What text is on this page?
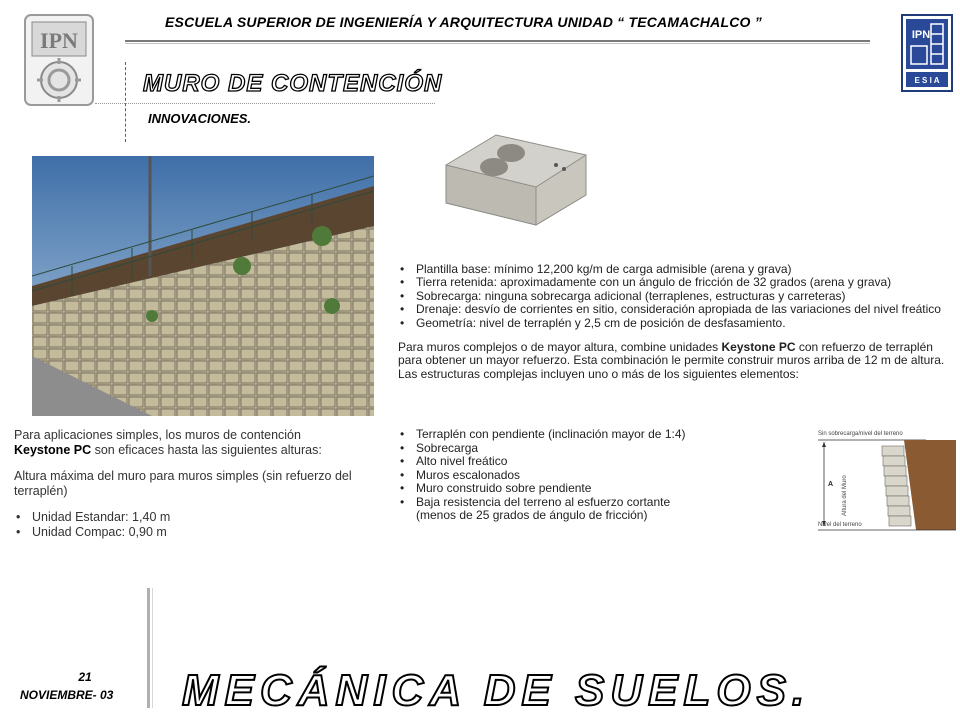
ESCUELA SUPERIOR DE INGENIERÍA Y ARQUITECTURA UNIDAD “ TECAMACHALCO ”
MURO DE CONTENCIÓN
INNOVACIONES.
IPN	IPN
E S I A
Para aplicaciones simples, los muros de contención
Keystone PC son eficaces hasta las siguientes alturas:
Altura máxima del muro para muros simples (sin refuerzo del terraplén)
• Unidad Estandar: 1,40 m
• Unidad Compac: 0,90 m
• Plantilla base: mínimo 12,200 kg/m de carga admisible (arena y grava)
• Tierra retenida: aproximadamente con un ángulo de fricción de 32 grados (arena y grava)
• Sobrecarga: ninguna sobrecarga adicional (terraplenes, estructuras y carreteras)
• Drenaje: desvío de corrientes en sitio, consideración apropiada de las variaciones del nivel freático
• Geometría: nivel de terraplén y 2,5 cm de posición de desfasamiento.
Para muros complejos o de mayor altura, combine unidades Keystone PC con refuerzo de terraplén para obtener un mayor refuerzo. Esta combinación le permite construir muros arriba de 12 m de altura. Las estructuras complejas incluyen uno o más de los siguientes elementos:
• Terraplén con pendiente (inclinación mayor de 1:4)
• Sobrecarga
• Alto nivel freático
• Muros escalonados
• Muro construido sobre pendiente
• Baja resistencia del terreno al esfuerzo cortante (menos de 25 grados de ángulo de fricción)
Sin sobrecarga/nivel del terreno
A Altura del Muro
Nivel del terreno
21
NOVIEMBRE- 03 MECÁNICA DE SUELOS.
